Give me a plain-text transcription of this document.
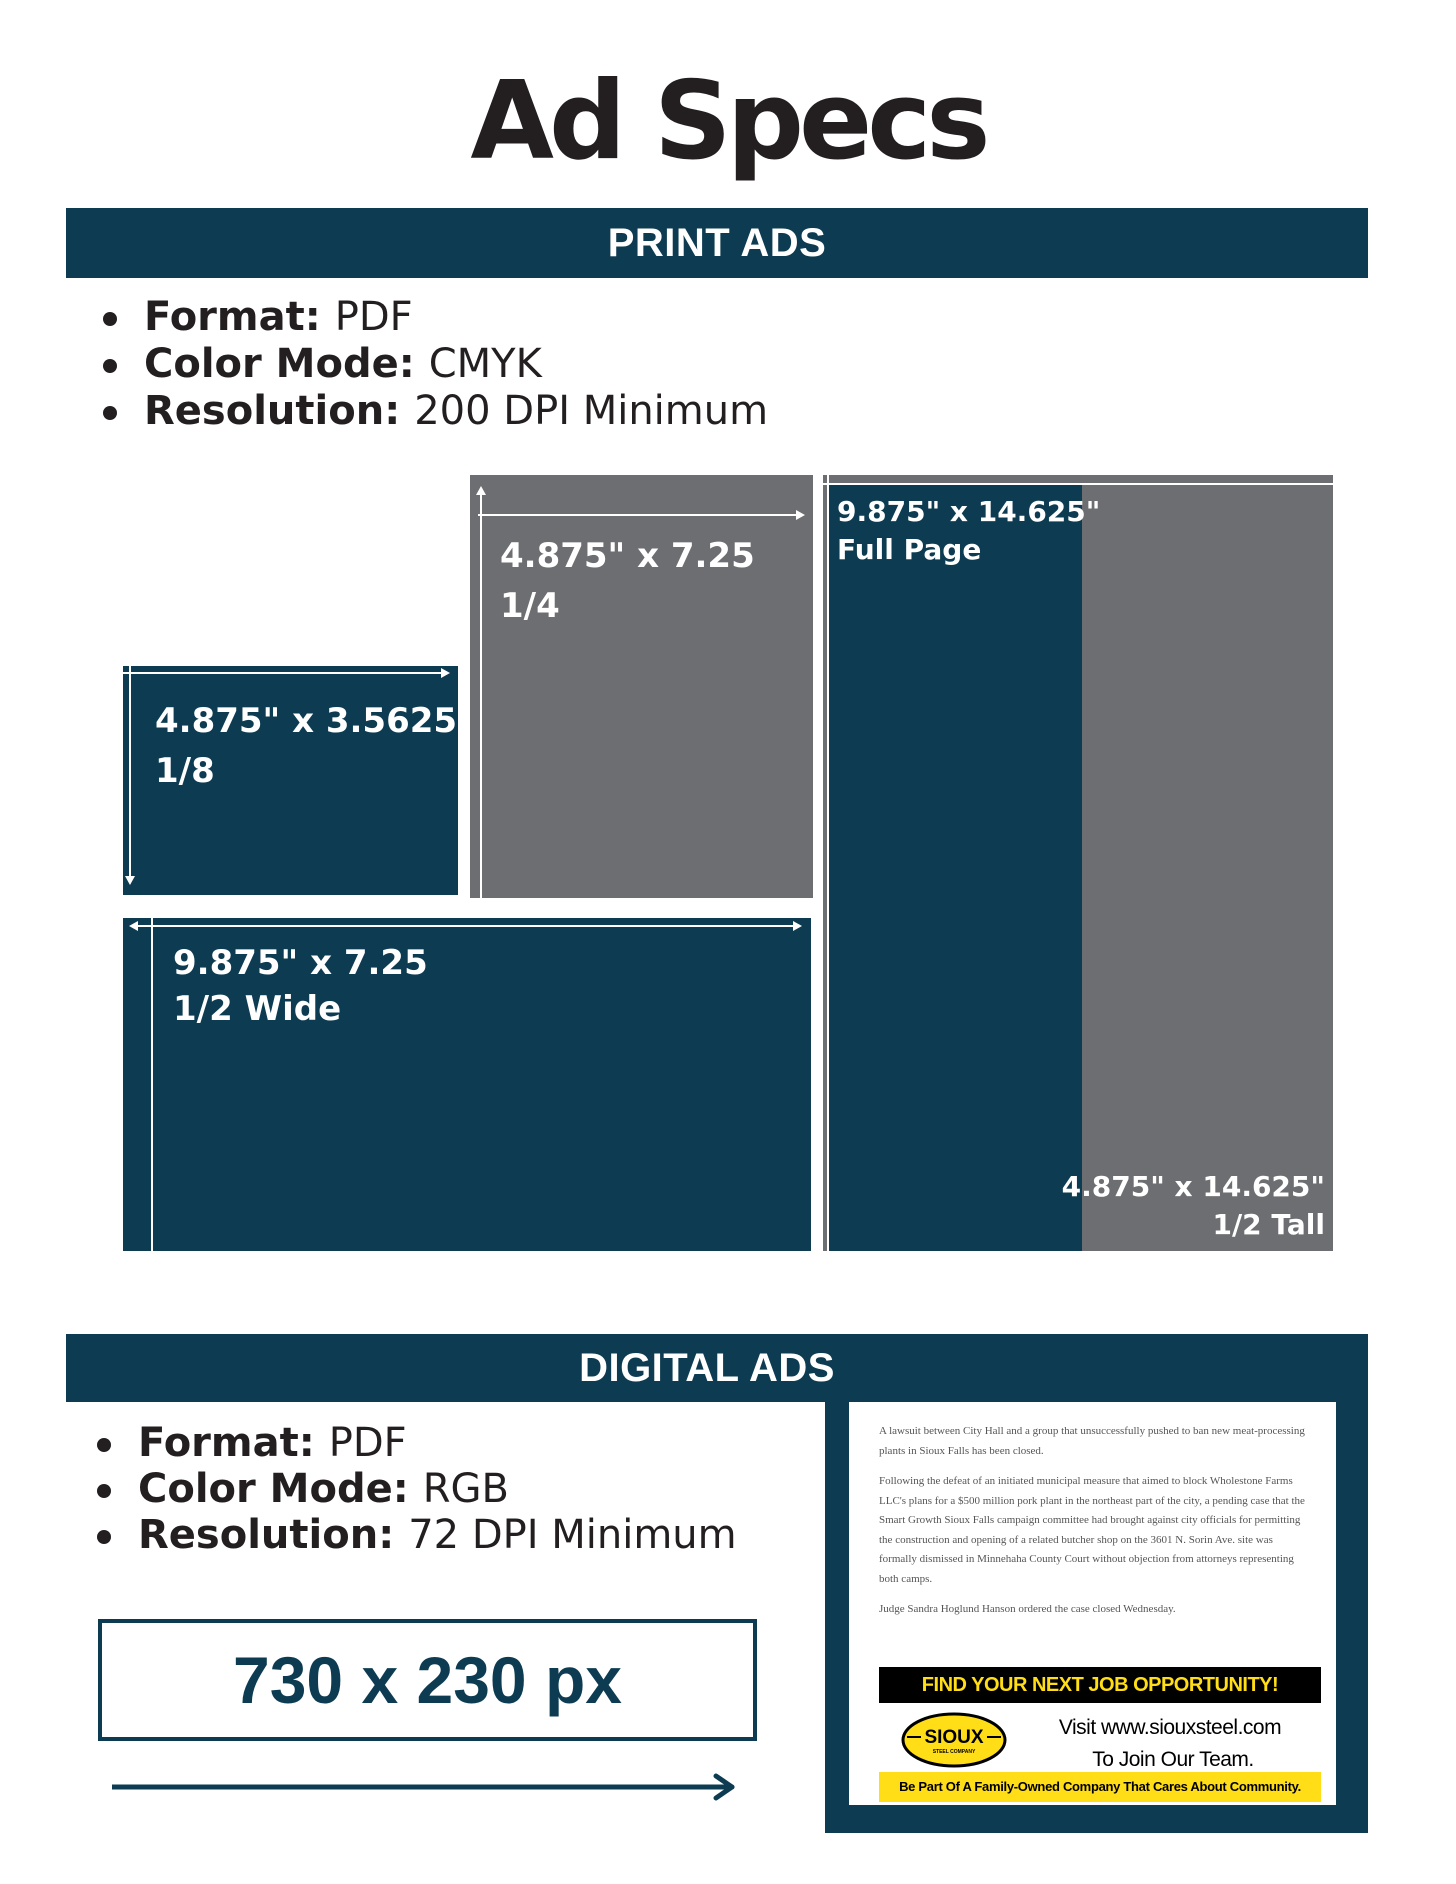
Ad Specs
PRINT ADS
Format: PDF
Color Mode: CMYK
Resolution: 200 DPI Minimum
4.875" x 7.25
1/4
4.875" x 3.5625
1/8
9.875" x 7.25
1/2 Wide
9.875" x 14.625"
Full Page
4.875" x 14.625"
1/2 Tall
DIGITAL ADS
Format: PDF
Color Mode: RGB
Resolution: 72 DPI Minimum
730 x 230 px

A lawsuit between City Hall and a group that unsuccessfully pushed to ban new meat-processing plants in Sioux Falls has been closed.

Following the defeat of an initiated municipal measure that aimed to block Wholestone Farms LLC's plans for a $500 million pork plant in the northeast part of the city, a pending case that the Smart Growth Sioux Falls campaign committee had brought against city officials for permitting the construction and opening of a related butcher shop on the 3601 N. Sorin Ave. site was formally dismissed in Minnehaha County Court without objection from attorneys representing both camps.

Judge Sandra Hoglund Hanson ordered the case closed Wednesday.

FIND YOUR NEXT JOB OPPORTUNITY!
SIOUX
STEEL COMPANY
Visit www.siouxsteel.com
To Join Our Team.
Be Part Of A Family-Owned Company That Cares About Community.
